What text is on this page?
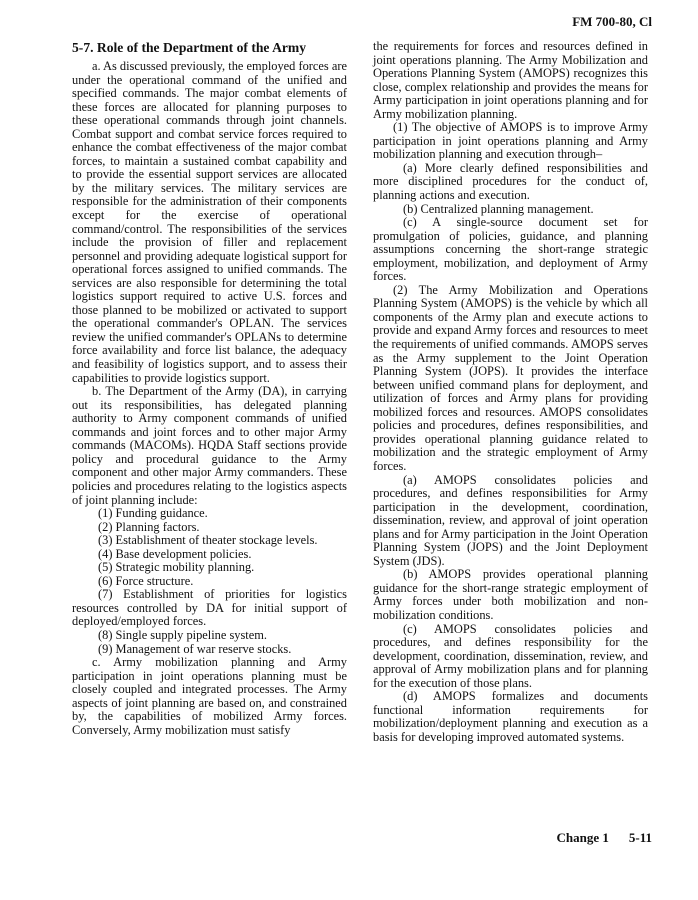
FM 700-80, Cl
5-7. Role of the Department of the Army

a. As discussed previously, the employed forces are under the operational command of the unified and specified commands. The major combat elements of these forces are allocated for planning purposes to these operational commands through joint channels. Combat support and combat service forces required to enhance the combat effectiveness of the major combat forces, to maintain a sustained combat capability and to provide the essential support services are allocated by the military services. The military services are responsible for the administration of their components except for the exercise of operational command/control. The responsibilities of the services include the provision of filler and replacement personnel and providing adequate logistical support for operational forces assigned to unified commands. The services are also responsible for determining the total logistics support required to active U.S. forces and those planned to be mobilized or activated to support the operational commander's OPLAN. The services review the unified commander's OPLANs to determine force availability and force list balance, the adequacy and feasibility of logistics support, and to assess their capabilities to provide logistics support.

b. The Department of the Army (DA), in carrying out its responsibilities, has delegated planning authority to Army component commands of unified commands and joint forces and to other major Army commands (MACOMs). HQDA Staff sections provide policy and procedural guidance to the Army component and other major Army commanders. These policies and procedures relating to the logistics aspects of joint planning include:

(1) Funding guidance.

(2) Planning factors.

(3) Establishment of theater stockage levels.

(4) Base development policies.

(5) Strategic mobility planning.

(6) Force structure.

(7) Establishment of priorities for logistics resources controlled by DA for initial support of deployed/employed forces.

(8) Single supply pipeline system.

(9) Management of war reserve stocks.

c. Army mobilization planning and Army participation in joint operations planning must be closely coupled and integrated processes. The Army aspects of joint planning are based on, and constrained by, the capabilities of mobilized Army forces. Conversely, Army mobilization must satisfy

the requirements for forces and resources defined in joint operations planning. The Army Mobilization and Operations Planning System (AMOPS) recognizes this close, complex relationship and provides the means for Army participation in joint operations planning and for Army mobilization planning.

(1) The objective of AMOPS is to improve Army participation in joint operations planning and Army mobilization planning and execution through–

(a) More clearly defined responsibilities and more disciplined procedures for the conduct of, planning actions and execution.

(b) Centralized planning management.

(c) A single-source document set for promulgation of policies, guidance, and planning assumptions concerning the short-range strategic employment, mobilization, and deployment of Army forces.

(2) The Army Mobilization and Operations Planning System (AMOPS) is the vehicle by which all components of the Army plan and execute actions to provide and expand Army forces and resources to meet the requirements of unified commands. AMOPS serves as the Army supplement to the Joint Operation Planning System (JOPS). It provides the interface between unified command plans for deployment, and utilization of forces and Army plans for providing mobilized forces and resources. AMOPS consolidates policies and procedures, defines responsibilities, and provides operational planning guidance related to mobilization and the strategic employment of Army forces.

(a) AMOPS consolidates policies and procedures, and defines responsibilities for Army participation in the development, coordination, dissemination, review, and approval of joint operation plans and for Army participation in the Joint Operation Planning System (JOPS) and the Joint Deployment System (JDS).

(b) AMOPS provides operational planning guidance for the short-range strategic employment of Army forces under both mobilization and non-mobilization conditions.

(c) AMOPS consolidates policies and procedures, and defines responsibility for the development, coordination, dissemination, review, and approval of Army mobilization plans and for planning for the execution of those plans.

(d) AMOPS formalizes and documents functional information requirements for mobilization/deployment planning and execution as a basis for developing improved automated systems.

Change 1 5-11
